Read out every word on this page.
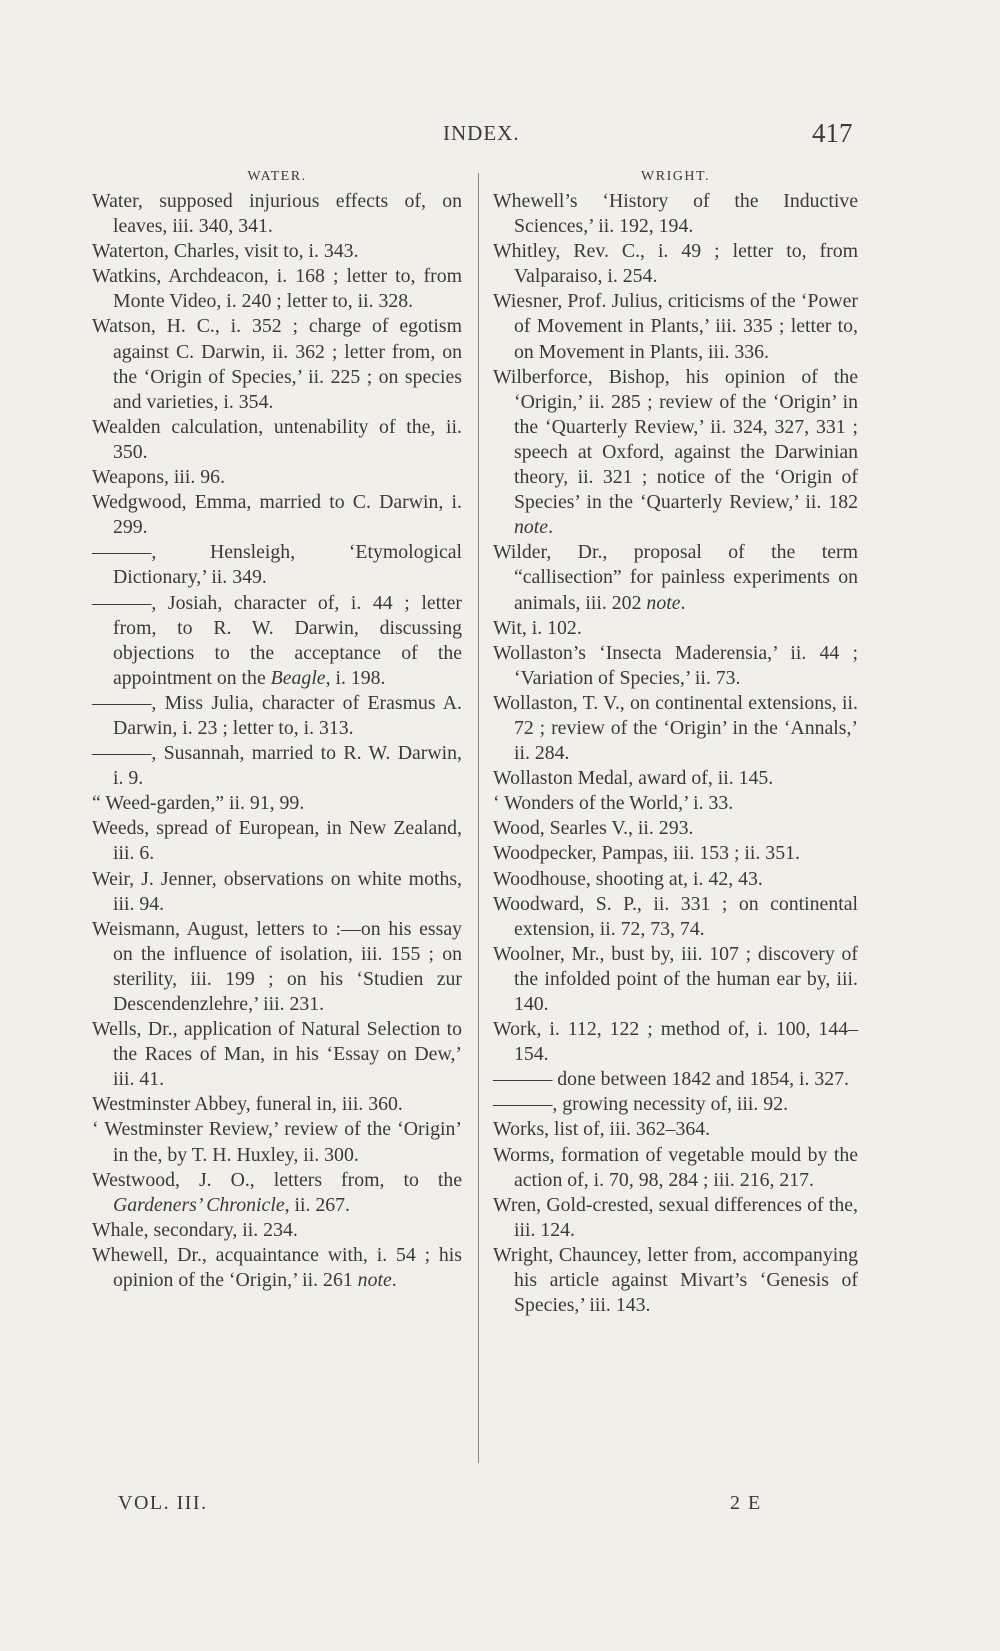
INDEX.	417
WATER.

Water, supposed injurious effects of, on leaves, iii. 340, 341.

Waterton, Charles, visit to, i. 343.

Watkins, Archdeacon, i. 168 ; letter to, from Monte Video, i. 240 ; letter to, ii. 328.

Watson, H. C., i. 352 ; charge of egotism against C. Darwin, ii. 362 ; letter from, on the ‘Origin of Species,’ ii. 225 ; on species and varieties, i. 354.

Wealden calculation, untenability of the, ii. 350.

Weapons, iii. 96.

Wedgwood, Emma, married to C. Darwin, i. 299.

———, Hensleigh, ‘Etymological Dictionary,’ ii. 349.

———, Josiah, character of, i. 44 ; letter from, to R. W. Darwin, discussing objections to the acceptance of the appointment on the Beagle, i. 198.

———, Miss Julia, character of Erasmus A. Darwin, i. 23 ; letter to, i. 313.

———, Susannah, married to R. W. Darwin, i. 9.

“ Weed-garden,” ii. 91, 99.

Weeds, spread of European, in New Zealand, iii. 6.

Weir, J. Jenner, observations on white moths, iii. 94.

Weismann, August, letters to :—on his essay on the influence of isolation, iii. 155 ; on sterility, iii. 199 ; on his ‘Studien zur Descendenzlehre,’ iii. 231.

Wells, Dr., application of Natural Selection to the Races of Man, in his ‘Essay on Dew,’ iii. 41.

Westminster Abbey, funeral in, iii. 360.

‘ Westminster Review,’ review of the ‘Origin’ in the, by T. H. Huxley, ii. 300.

Westwood, J. O., letters from, to the Gardeners’ Chronicle, ii. 267.

Whale, secondary, ii. 234.

Whewell, Dr., acquaintance with, i. 54 ; his opinion of the ‘Origin,’ ii. 261 note.

WRIGHT.

Whewell’s ‘History of the Inductive Sciences,’ ii. 192, 194.

Whitley, Rev. C., i. 49 ; letter to, from Valparaiso, i. 254.

Wiesner, Prof. Julius, criticisms of the ‘Power of Movement in Plants,’ iii. 335 ; letter to, on Movement in Plants, iii. 336.

Wilberforce, Bishop, his opinion of the ‘Origin,’ ii. 285 ; review of the ‘Origin’ in the ‘Quarterly Review,’ ii. 324, 327, 331 ; speech at Oxford, against the Darwinian theory, ii. 321 ; notice of the ‘Origin of Species’ in the ‘Quarterly Review,’ ii. 182 note.

Wilder, Dr., proposal of the term “callisection” for painless experiments on animals, iii. 202 note.

Wit, i. 102.

Wollaston’s ‘Insecta Maderensia,’ ii. 44 ; ‘Variation of Species,’ ii. 73.

Wollaston, T. V., on continental extensions, ii. 72 ; review of the ‘Origin’ in the ‘Annals,’ ii. 284.

Wollaston Medal, award of, ii. 145.

‘ Wonders of the World,’ i. 33.

Wood, Searles V., ii. 293.

Woodpecker, Pampas, iii. 153 ; ii. 351.

Woodhouse, shooting at, i. 42, 43.

Woodward, S. P., ii. 331 ; on continental extension, ii. 72, 73, 74.

Woolner, Mr., bust by, iii. 107 ; discovery of the infolded point of the human ear by, iii. 140.

Work, i. 112, 122 ; method of, i. 100, 144–154.

——— done between 1842 and 1854, i. 327.

———, growing necessity of, iii. 92.

Works, list of, iii. 362–364.

Worms, formation of vegetable mould by the action of, i. 70, 98, 284 ; iii. 216, 217.

Wren, Gold-crested, sexual differences of the, iii. 124.

Wright, Chauncey, letter from, accompanying his article against Mivart’s ‘Genesis of Species,’ iii. 143.

VOL. III.	2 E
